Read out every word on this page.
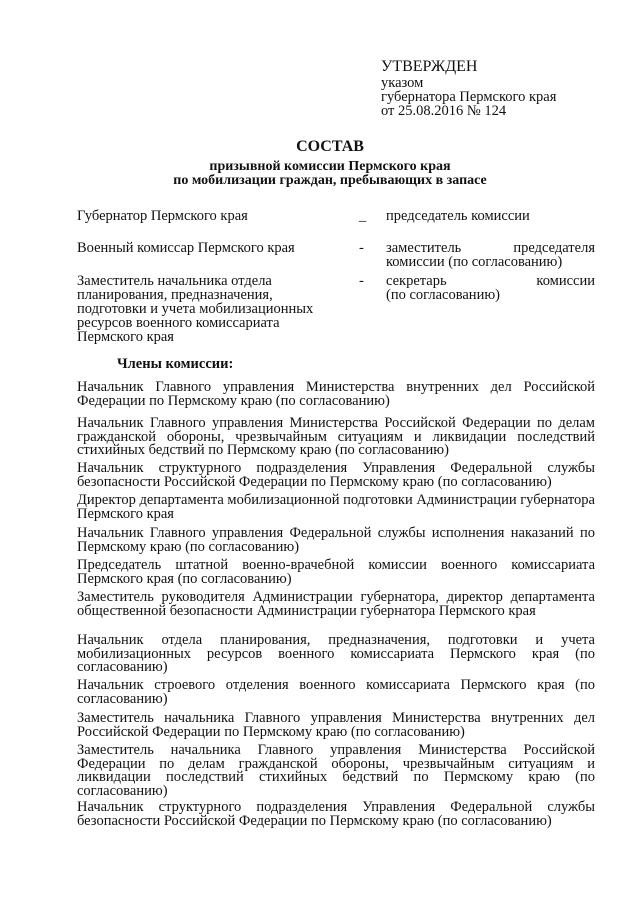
УТВЕРЖДЕН
указом
губернатора Пермского края
от 25.08.2016 № 124
СОСТАВ
призывной комиссии Пермского края
по мобилизации граждан, пребывающих в запасе
Губернатор Пермского края	_ председатель комиссии
Военный комиссар Пермского края	- заместитель председателя
комиссии (по согласованию)
Заместитель начальника отдела планирования, предназначения, подготовки и учета мобилизационных ресурсов военного комиссариата Пермского края
- секретарь комиссии
(по согласованию)
Члены комиссии:
Начальник Главного управления Министерства внутренних дел Российской Федерации по Пермскому краю (по согласованию)
Начальник Главного управления Министерства Российской Федерации по делам гражданской обороны, чрезвычайным ситуациям и ликвидации последствий стихийных бедствий по Пермскому краю (по согласованию)
Начальник структурного подразделения Управления Федеральной службы безопасности Российской Федерации по Пермскому краю (по согласованию)
Директор департамента мобилизационной подготовки Администрации губернатора Пермского края
Начальник Главного управления Федеральной службы исполнения наказаний по Пермскому краю (по согласованию)
Председатель штатной военно-врачебной комиссии военного комиссариата Пермского края (по согласованию)
Заместитель руководителя Администрации губернатора, директор департамента общественной безопасности Администрации губернатора Пермского края
Начальник отдела планирования, предназначения, подготовки и учета мобилизационных ресурсов военного комиссариата Пермского края (по согласованию)
Начальник строевого отделения военного комиссариата Пермского края (по согласованию)
Заместитель начальника Главного управления Министерства внутренних дел Российской Федерации по Пермскому краю (по согласованию)
Заместитель начальника Главного управления Министерства Российской Федерации по делам гражданской обороны, чрезвычайным ситуациям и ликвидации последствий стихийных бедствий по Пермскому краю (по согласованию)
Начальник структурного подразделения Управления Федеральной службы безопасности Российской Федерации по Пермскому краю (по согласованию)
